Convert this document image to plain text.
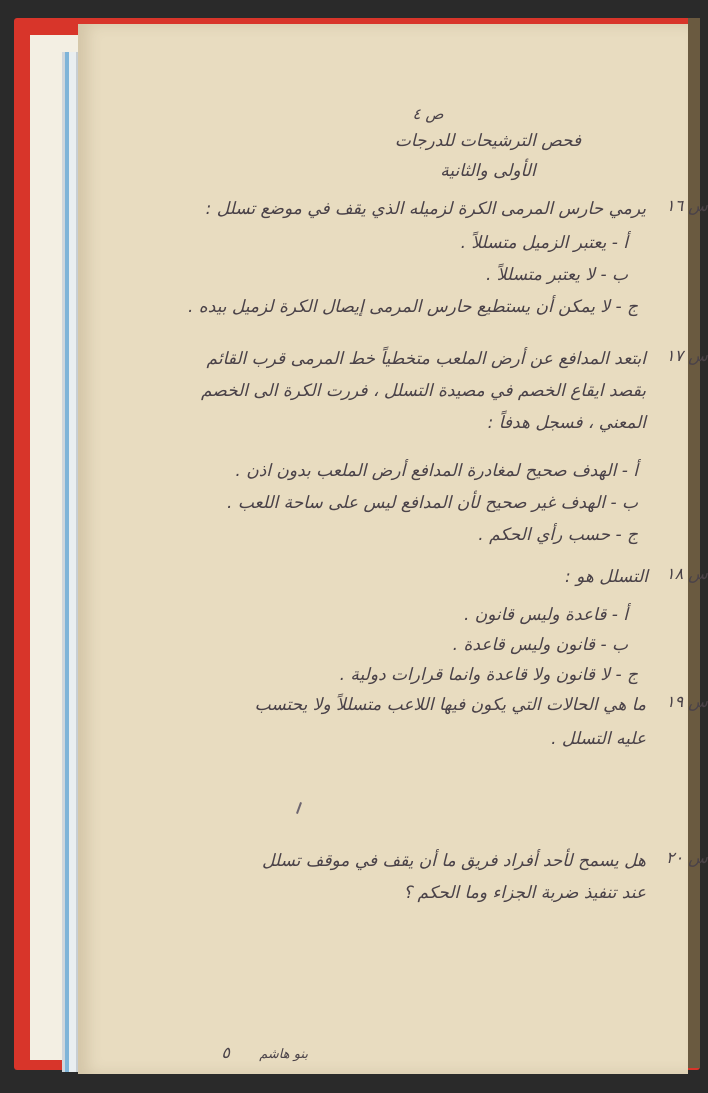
ص ٤
فحص الترشيحات للدرجات
الأولى والثانية
س ١٦
يرمي حارس المرمى الكرة لزميله الذي يقف في موضع تسلل :
أ - يعتبر الزميل متسللاً .
ب - لا يعتبر متسللاً .
ج - لا يمكن أن يستطيع حارس المرمى إيصال الكرة لزميل بيده .
س ١٧
ابتعد المدافع عن أرض الملعب متخطياً خط المرمى قرب القائم
بقصد ايقاع الخصم في مصيدة التسلل ، فررت الكرة الى الخصم
المعني ، فسجل هدفاً :
أ - الهدف صحيح لمغادرة المدافع أرض الملعب بدون اذن .
ب - الهدف غير صحيح لأن المدافع ليس على ساحة اللعب .
ج - حسب رأي الحكم .
س ١٨
التسلل هو :
أ - قاعدة وليس قانون .
ب - قانون وليس قاعدة .
ج - لا قانون ولا قاعدة وانما قرارات دولية .
س ١٩
ما هي الحالات التي يكون فيها اللاعب متسللاً ولا يحتسب
عليه التسلل .
س ٢٠
هل يسمح لأحد أفراد فريق ما أن يقف في موقف تسلل
عند تنفيذ ضربة الجزاء وما الحكم ؟
٥	بنو هاشم
